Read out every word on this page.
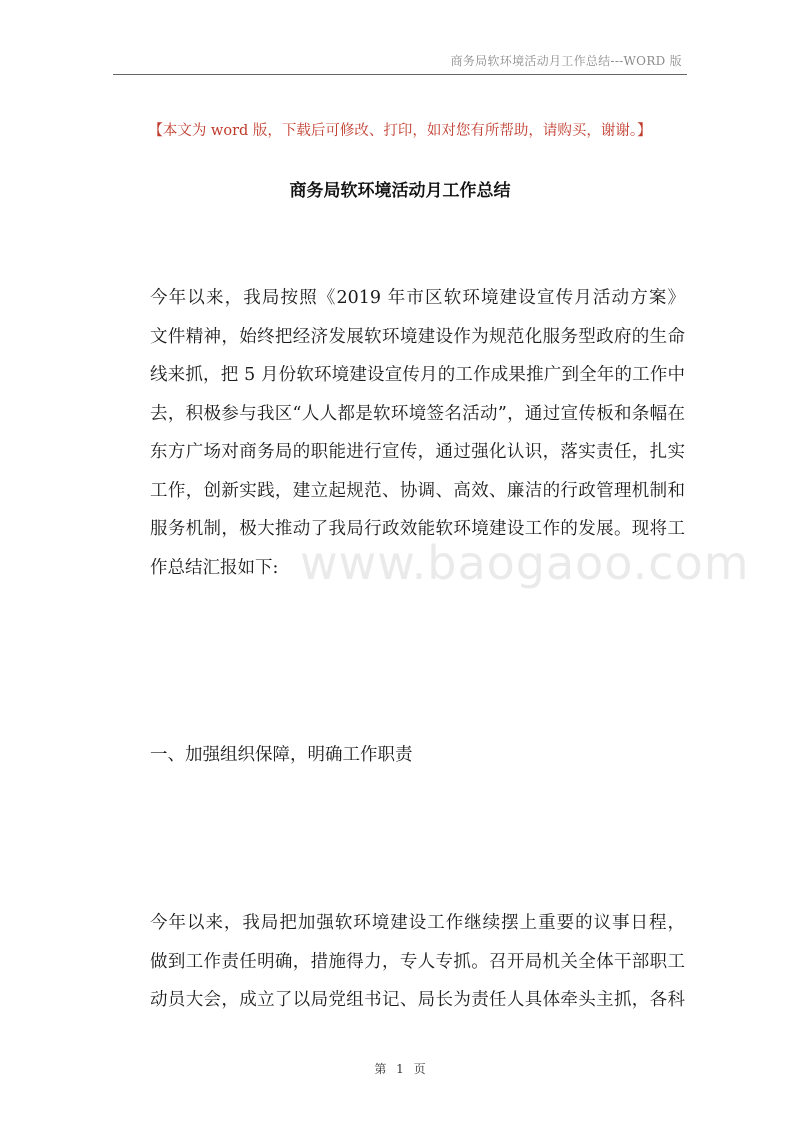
商务局软环境活动月工作总结---WORD 版
【本文为 word 版，下载后可修改、打印，如对您有所帮助，请购买，谢谢。】
商务局软环境活动月工作总结
今年以来，我局按照《2019 年市区软环境建设宣传月活动方案》
文件精神，始终把经济发展软环境建设作为规范化服务型政府的生命
线来抓，把 5 月份软环境建设宣传月的工作成果推广到全年的工作中
去，积极参与我区“人人都是软环境签名活动”，通过宣传板和条幅在
东方广场对商务局的职能进行宣传，通过强化认识，落实责任，扎实
工作，创新实践，建立起规范、协调、高效、廉洁的行政管理机制和
服务机制，极大推动了我局行政效能软环境建设工作的发展。现将工
作总结汇报如下:
一、加强组织保障，明确工作职责
今年以来，我局把加强软环境建设工作继续摆上重要的议事日程，
做到工作责任明确，措施得力，专人专抓。召开局机关全体干部职工
动员大会，成立了以局党组书记、局长为责任人具体牵头主抓，各科
www.baogaoo.com
第 1 页
